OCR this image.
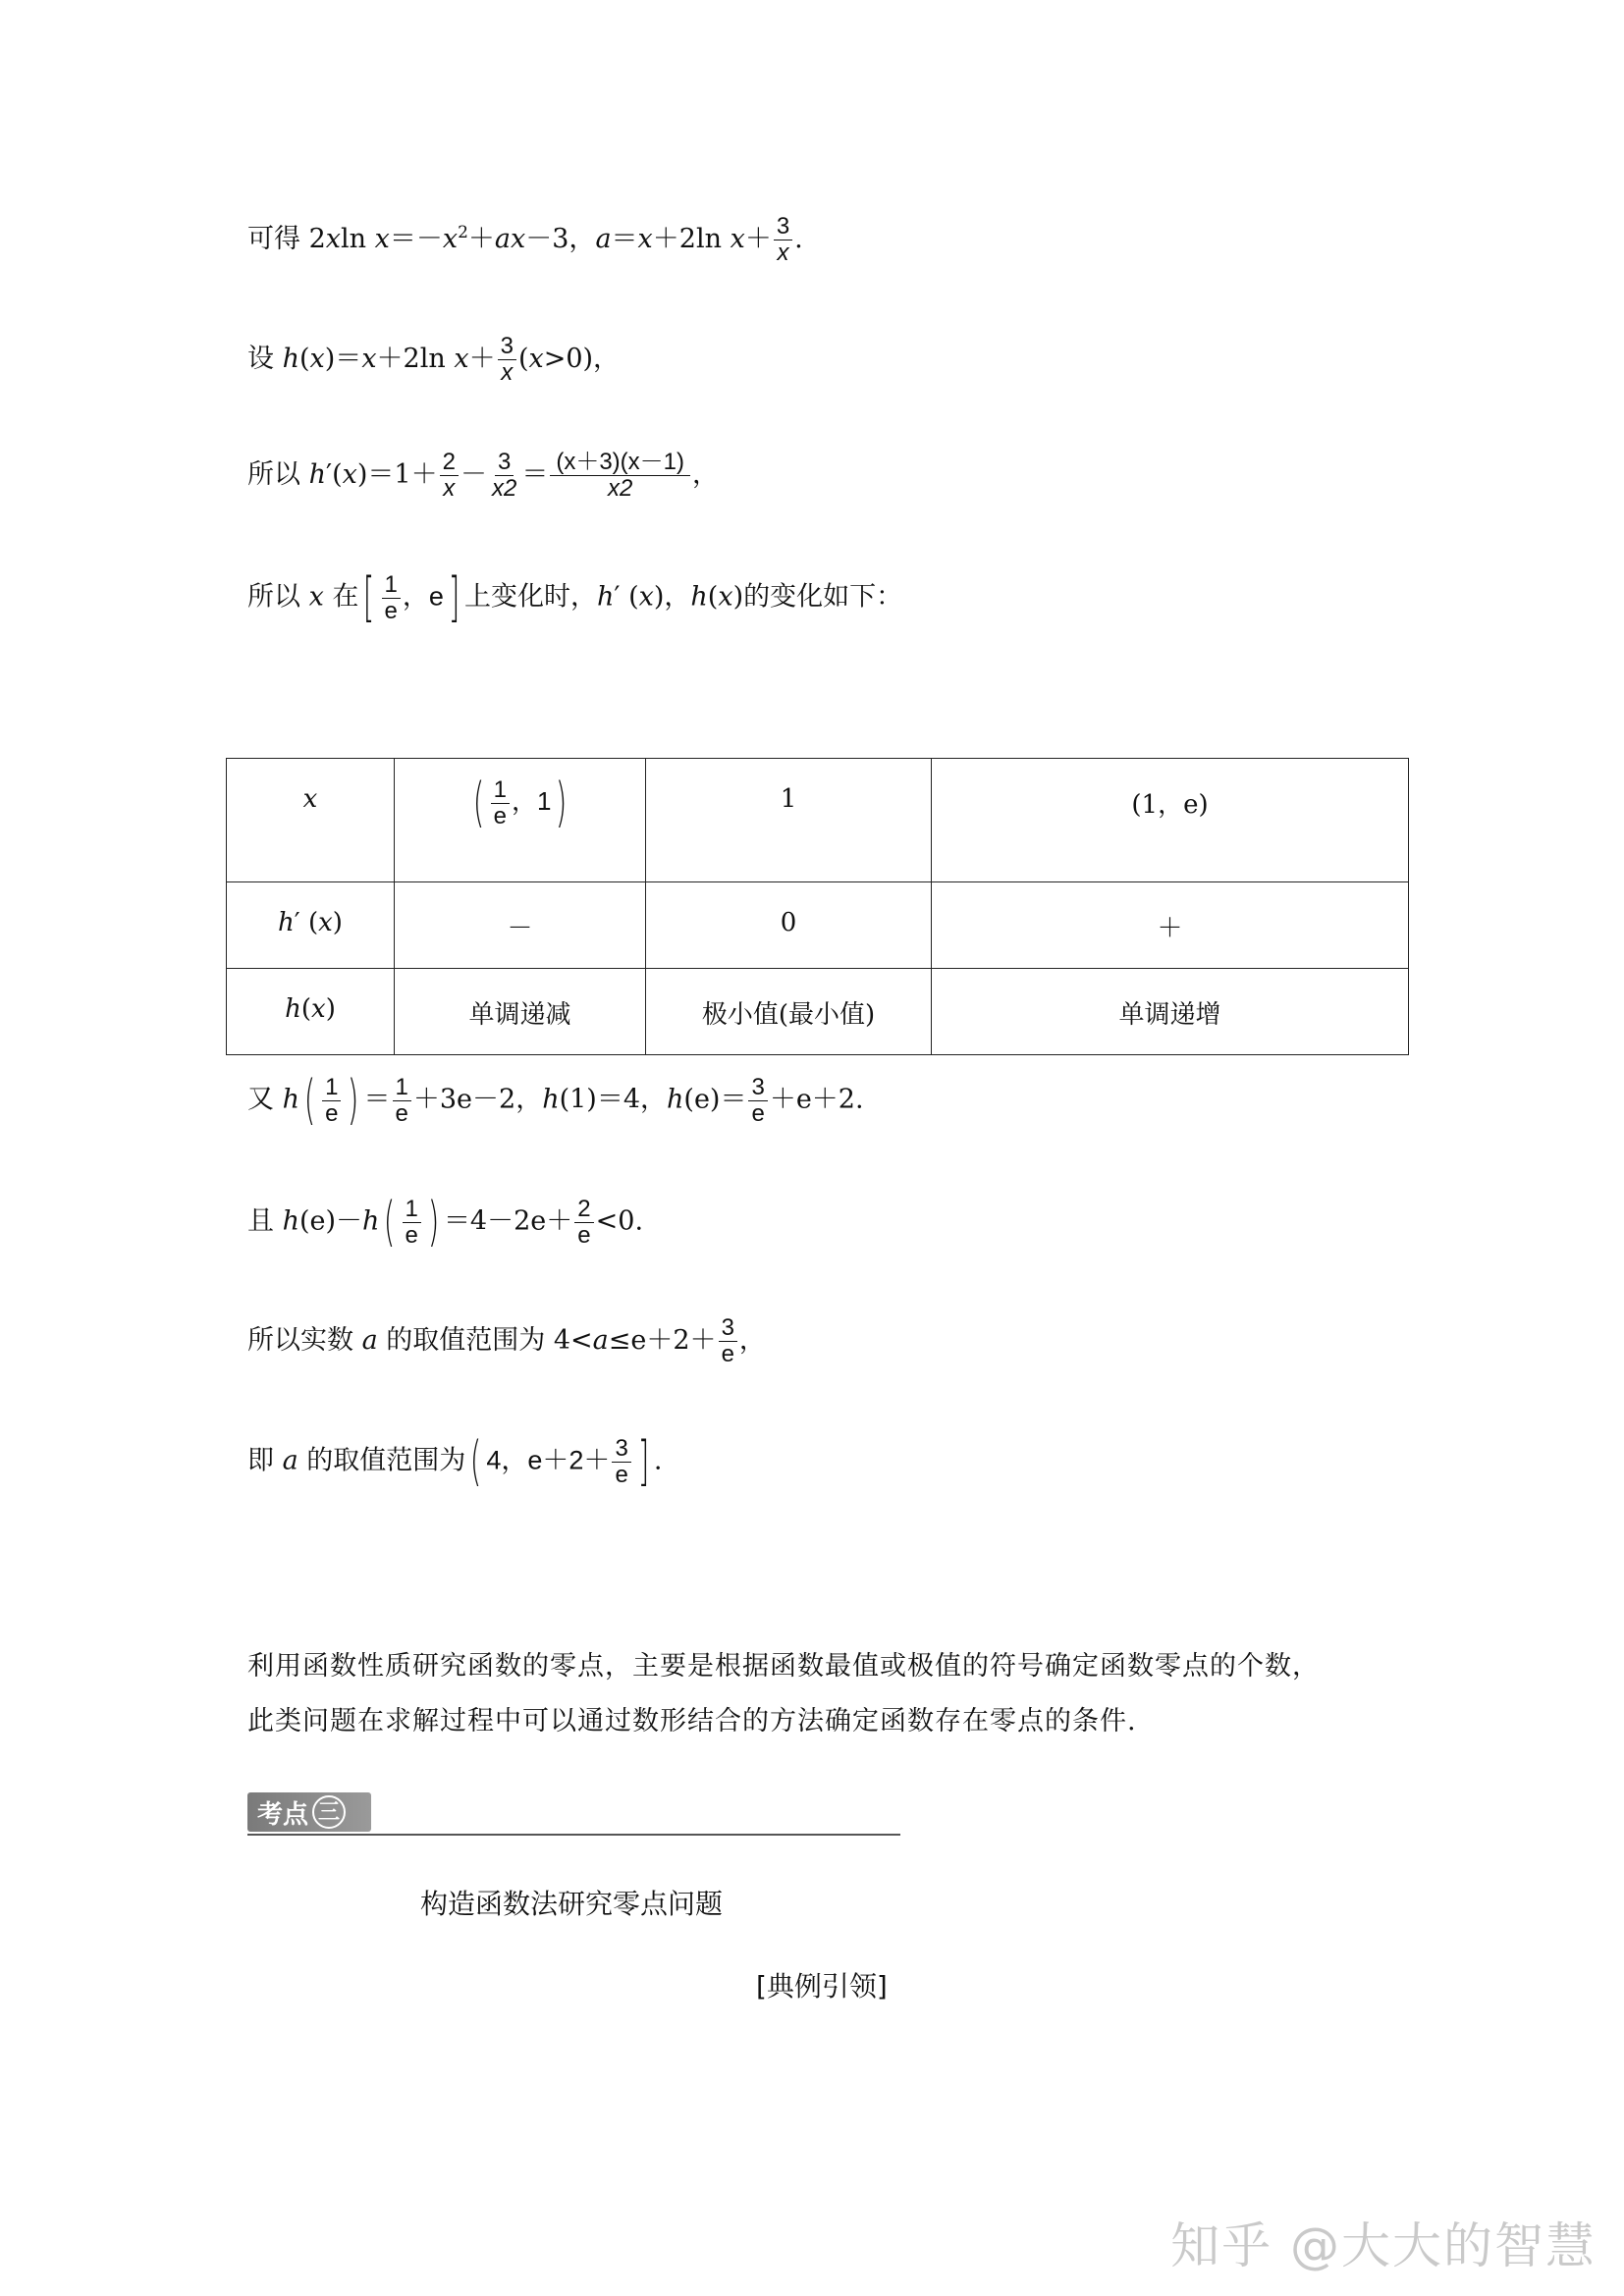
可得 2xln $x=-x^2+ax-3$，a＝x＋2ln $x+ \frac{3}{x}$ .
设 h(x)＝x＋2ln $x+ \frac{3}{x} (x>0)$，
所以 $h'(x)=1+ \frac{2}{x} - \frac{3}{x2} = \frac{(x+3)(x-1)}{x2}$ ，
所以 x 在[ $\frac{1}{e}$ ，e] 上变化时，h′ (x)，h(x)的变化如下：
x	( $\frac{1}{e}$ ，1)	1	(1，e)
h′ (x)	－	0	＋
h(x)	单调递减	极小值(最小值)	单调递增
又 $h( \frac{1}{e}$ ) ＝ $\frac{1}{e} +3e-2$，h(1)＝4，$h(e)= \frac{3}{e} +e+2$.
且 $h(e)-h( \frac{1}{e}$ ) $=4-2e+ \frac{2}{e} <0$.
所以实数 a 的取值范围为 $4<a\le e+2+ \frac{3}{e}$ ，
即 a 的取值范围为( 4，$e+2+ \frac{3}{e}$ ] .
利用函数性质研究函数的零点，主要是根据函数最值或极值的符号确定函数零点的个数，
此类问题在求解过程中可以通过数形结合的方法确定函数存在零点的条件.
考点 三
构造函数法研究零点问题
[典例引领]
知乎 @大大的智慧
